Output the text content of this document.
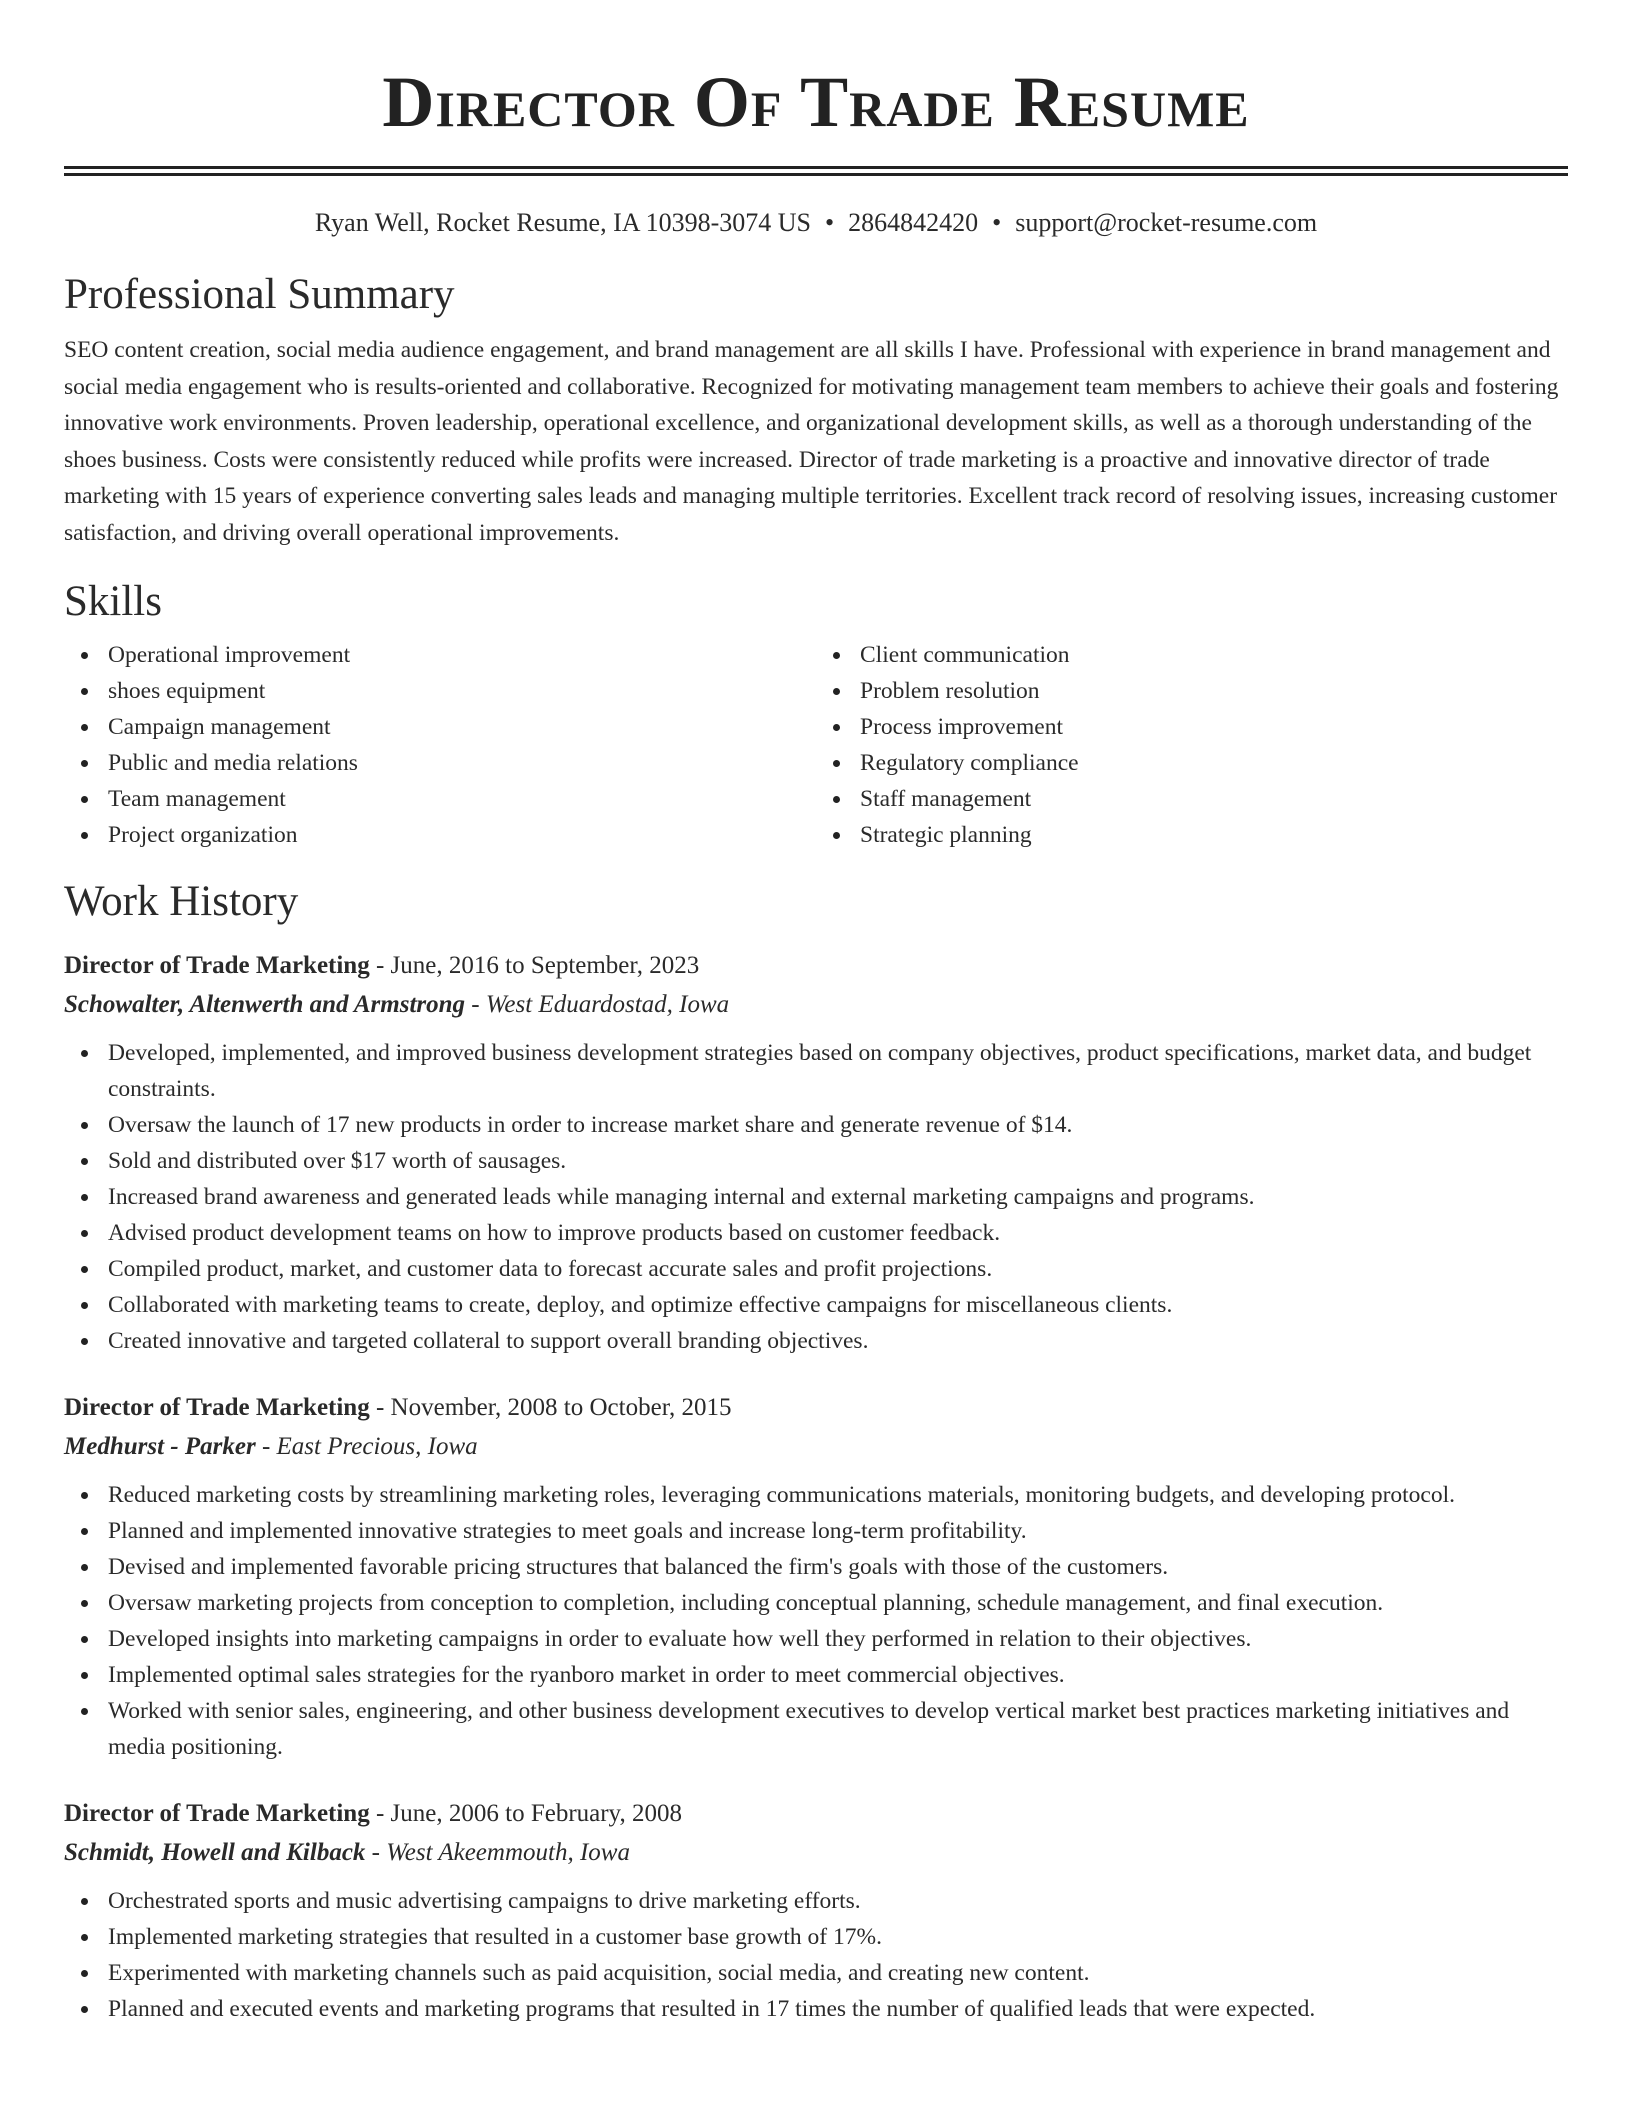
Director Of Trade Resume
Ryan Well, Rocket Resume, IA 10398-3074 US • 2864842420 • support@rocket-resume.com
Professional Summary

SEO content creation, social media audience engagement, and brand management are all skills I have. Professional with experience in brand management and social media engagement who is results-oriented and collaborative. Recognized for motivating management team members to achieve their goals and fostering innovative work environments. Proven leadership, operational excellence, and organizational development skills, as well as a thorough understanding of the shoes business. Costs were consistently reduced while profits were increased. Director of trade marketing is a proactive and innovative director of trade marketing with 15 years of experience converting sales leads and managing multiple territories. Excellent track record of resolving issues, increasing customer satisfaction, and driving overall operational improvements.

Skills
Operational improvement
shoes equipment
Campaign management
Public and media relations
Team management
Project organization
Client communication
Problem resolution
Process improvement
Regulatory compliance
Staff management
Strategic planning
Work History
Director of Trade Marketing - June, 2016 to September, 2023
Schowalter, Altenwerth and Armstrong - West Eduardostad, Iowa
Developed, implemented, and improved business development strategies based on company objectives, product specifications, market data, and budget constraints.
Oversaw the launch of 17 new products in order to increase market share and generate revenue of $14.
Sold and distributed over $17 worth of sausages.
Increased brand awareness and generated leads while managing internal and external marketing campaigns and programs.
Advised product development teams on how to improve products based on customer feedback.
Compiled product, market, and customer data to forecast accurate sales and profit projections.
Collaborated with marketing teams to create, deploy, and optimize effective campaigns for miscellaneous clients.
Created innovative and targeted collateral to support overall branding objectives.
Director of Trade Marketing - November, 2008 to October, 2015
Medhurst - Parker - East Precious, Iowa
Reduced marketing costs by streamlining marketing roles, leveraging communications materials, monitoring budgets, and developing protocol.
Planned and implemented innovative strategies to meet goals and increase long-term profitability.
Devised and implemented favorable pricing structures that balanced the firm's goals with those of the customers.
Oversaw marketing projects from conception to completion, including conceptual planning, schedule management, and final execution.
Developed insights into marketing campaigns in order to evaluate how well they performed in relation to their objectives.
Implemented optimal sales strategies for the ryanboro market in order to meet commercial objectives.
Worked with senior sales, engineering, and other business development executives to develop vertical market best practices marketing initiatives and media positioning.
Director of Trade Marketing - June, 2006 to February, 2008
Schmidt, Howell and Kilback - West Akeemmouth, Iowa
Orchestrated sports and music advertising campaigns to drive marketing efforts.
Implemented marketing strategies that resulted in a customer base growth of 17%.
Experimented with marketing channels such as paid acquisition, social media, and creating new content.
Planned and executed events and marketing programs that resulted in 17 times the number of qualified leads that were expected.
